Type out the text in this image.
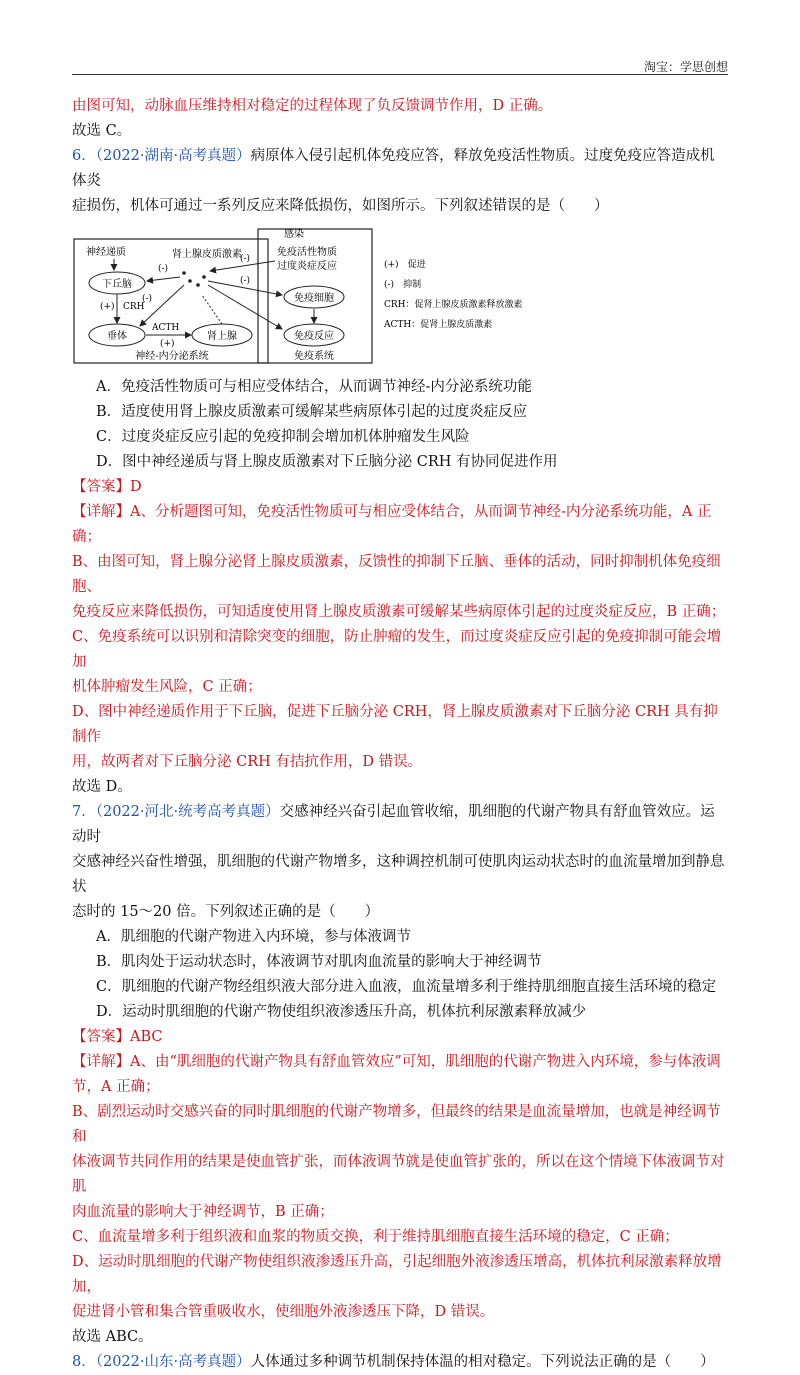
淘宝：学思创想

由图可知，动脉血压维持相对稳定的过程体现了负反馈调节作用，D 正确。

故选 C。

6．（2022·湖南·高考真题）病原体入侵引起机体免疫应答，释放免疫活性物质。过度免疫应答造成机体炎

症损伤，机体可通过一系列反应来降低损伤，如图所示。下列叙述错误的是（　　）

神经递质
下丘脑
(+) CRH
垂体
ACTH
(+)
肾上腺
神经-内分泌系统
肾上腺皮质激素
(-)
(-)
感染
免疫活性物质
过度炎症反应
(-)
免疫细胞
免疫反应
(-)
免疫系统
(+)　促进
(-)　抑制
CRH：促肾上腺皮质激素释放激素
ACTH：促肾上腺皮质激素

A．免疫活性物质可与相应受体结合，从而调节神经-内分泌系统功能

B．适度使用肾上腺皮质激素可缓解某些病原体引起的过度炎症反应

C．过度炎症反应引起的免疫抑制会增加机体肿瘤发生风险

D．图中神经递质与肾上腺皮质激素对下丘脑分泌 CRH 有协同促进作用

【答案】D

【详解】A、分析题图可知，免疫活性物质可与相应受体结合，从而调节神经-内分泌系统功能，A 正确；

B、由图可知，肾上腺分泌肾上腺皮质激素，反馈性的抑制下丘脑、垂体的活动，同时抑制机体免疫细胞、

免疫反应来降低损伤，可知适度使用肾上腺皮质激素可缓解某些病原体引起的过度炎症反应，B 正确；

C、免疫系统可以识别和清除突变的细胞，防止肿瘤的发生，而过度炎症反应引起的免疫抑制可能会增加

机体肿瘤发生风险，C 正确；

D、图中神经递质作用于下丘脑，促进下丘脑分泌 CRH，肾上腺皮质激素对下丘脑分泌 CRH 具有抑制作

用，故两者对下丘脑分泌 CRH 有拮抗作用，D 错误。

故选 D。

7．（2022·河北·统考高考真题）交感神经兴奋引起血管收缩，肌细胞的代谢产物具有舒血管效应。运动时

交感神经兴奋性增强，肌细胞的代谢产物增多，这种调控机制可使肌肉运动状态时的血流量增加到静息状

态时的 15～20 倍。下列叙述正确的是（　　）

A．肌细胞的代谢产物进入内环境，参与体液调节

B．肌肉处于运动状态时，体液调节对肌肉血流量的影响大于神经调节

C．肌细胞的代谢产物经组织液大部分进入血液，血流量增多利于维持肌细胞直接生活环境的稳定

D．运动时肌细胞的代谢产物使组织液渗透压升高，机体抗利尿激素释放减少

【答案】ABC

【详解】A、由“肌细胞的代谢产物具有舒血管效应”可知，肌细胞的代谢产物进入内环境，参与体液调

节，A 正确；

B、剧烈运动时交感兴奋的同时肌细胞的代谢产物增多，但最终的结果是血流量增加，也就是神经调节和

体液调节共同作用的结果是使血管扩张，而体液调节就是使血管扩张的，所以在这个情境下体液调节对肌

肉血流量的影响大于神经调节，B 正确；

C、血流量增多利于组织液和血浆的物质交换，利于维持肌细胞直接生活环境的稳定，C 正确；

D、运动时肌细胞的代谢产物使组织液渗透压升高，引起细胞外液渗透压增高，机体抗利尿激素释放增加，

促进肾小管和集合管重吸收水，使细胞外液渗透压下降，D 错误。

故选 ABC。

8．（2022·山东·高考真题）人体通过多种调节机制保持体温的相对稳定。下列说法正确的是（　　）
